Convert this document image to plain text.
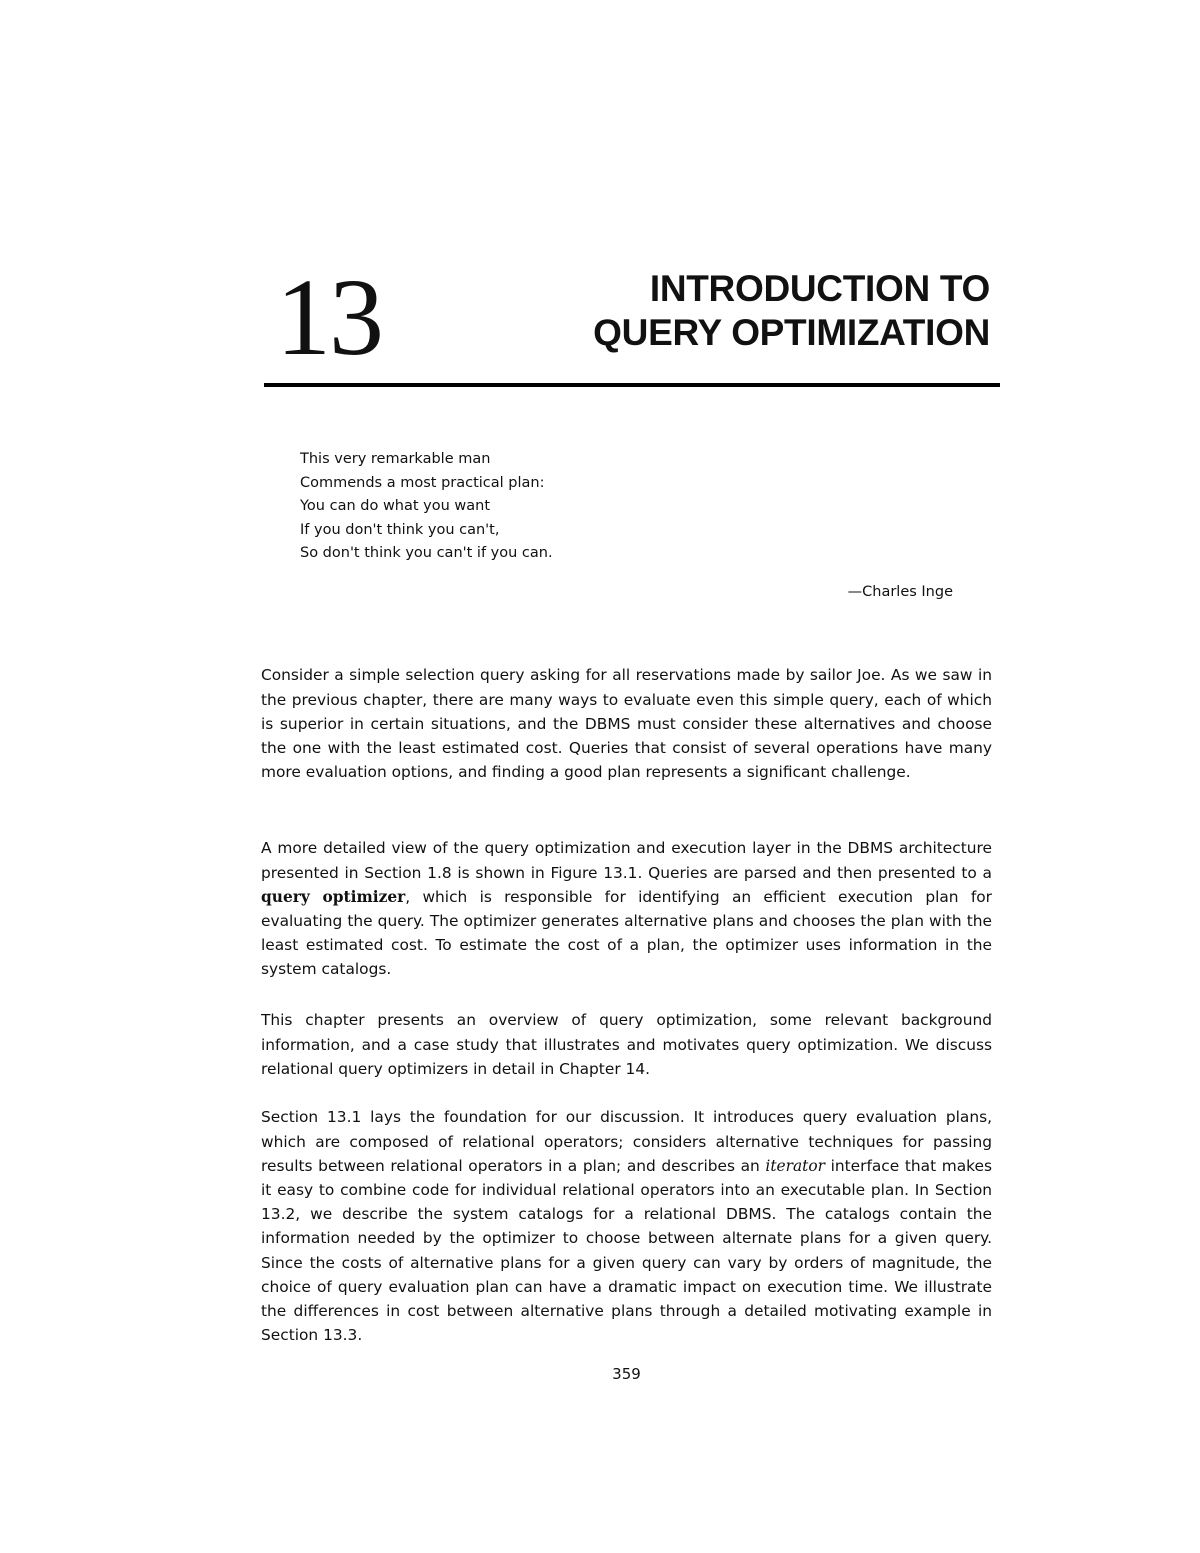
13	INTRODUCTION TO
QUERY OPTIMIZATION
This very remarkable man
Commends a most practical plan:
You can do what you want
If you don't think you can't,
So don't think you can't if you can.
—Charles Inge

Consider a simple selection query asking for all reservations made by sailor Joe. As we saw in the previous chapter, there are many ways to evaluate even this simple query, each of which is superior in certain situations, and the DBMS must consider these alternatives and choose the one with the least estimated cost. Queries that consist of several operations have many more evaluation options, and finding a good plan represents a significant challenge.

A more detailed view of the query optimization and execution layer in the DBMS architecture presented in Section 1.8 is shown in Figure 13.1. Queries are parsed and then presented to a query optimizer, which is responsible for identifying an efficient execution plan for evaluating the query. The optimizer generates alternative plans and chooses the plan with the least estimated cost. To estimate the cost of a plan, the optimizer uses information in the system catalogs.

This chapter presents an overview of query optimization, some relevant background information, and a case study that illustrates and motivates query optimization. We discuss relational query optimizers in detail in Chapter 14.

Section 13.1 lays the foundation for our discussion. It introduces query evaluation plans, which are composed of relational operators; considers alternative techniques for passing results between relational operators in a plan; and describes an iterator interface that makes it easy to combine code for individual relational operators into an executable plan. In Section 13.2, we describe the system catalogs for a relational DBMS. The catalogs contain the information needed by the optimizer to choose between alternate plans for a given query. Since the costs of alternative plans for a given query can vary by orders of magnitude, the choice of query evaluation plan can have a dramatic impact on execution time. We illustrate the differences in cost between alternative plans through a detailed motivating example in Section 13.3.

359
